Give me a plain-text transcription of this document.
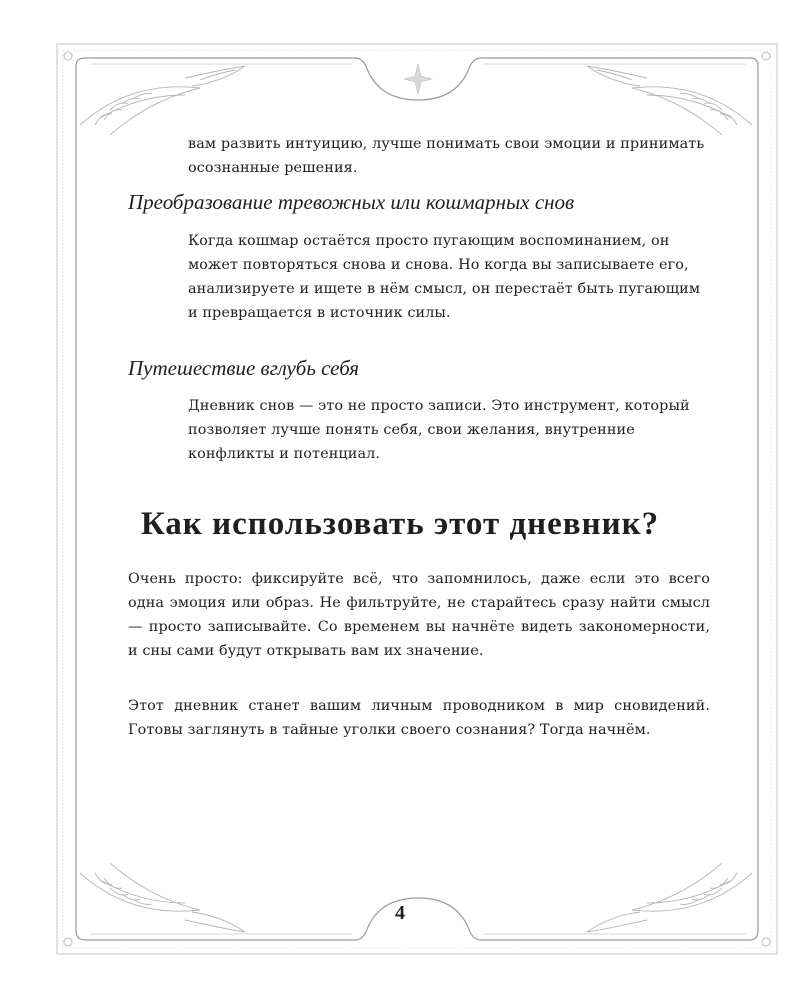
вам развить интуицию, лучше понимать свои эмоции и принимать осознанные решения.

Преобразование тревожных или кошмарных снов

Когда кошмар остаётся просто пугающим воспоминанием, он может повторяться снова и снова. Но когда вы записываете его, анализируете и ищете в нём смысл, он перестаёт быть пугающим и превращается в источник силы.

Путешествие вглубь себя

Дневник снов — это не просто записи. Это инструмент, который позволяет лучше понять себя, свои желания, внутренние конфликты и потенциал.

Как использовать этот дневник?

Очень просто: фиксируйте всё, что запомнилось, даже если это всего одна эмоция или образ. Не фильтруйте, не старайтесь сразу найти смысл — просто записывайте. Со временем вы начнёте видеть закономерности, и сны сами будут открывать вам их значение.

Этот дневник станет вашим личным проводником в мир сновидений. Готовы заглянуть в тайные уголки своего сознания? Тогда начнём.

4
